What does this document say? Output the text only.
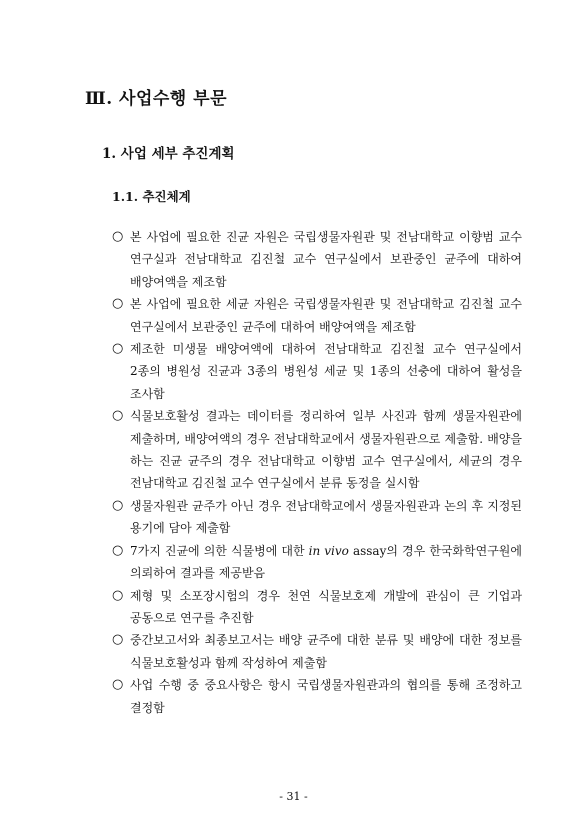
Ⅲ. 사업수행 부문
1. 사업 세부 추진계획
1.1. 추진체계
○ 본 사업에 필요한 진균 자원은 국립생물자원관 및 전남대학교 이향범 교수 연구실과 전남대학교 김진철 교수 연구실에서 보관중인 균주에 대하여 배양여액을 제조함
○ 본 사업에 필요한 세균 자원은 국립생물자원관 및 전남대학교 김진철 교수 연구실에서 보관중인 균주에 대하여 배양여액을 제조함
○ 제조한 미생물 배양여액에 대하여 전남대학교 김진철 교수 연구실에서 2종의 병원성 진균과 3종의 병원성 세균 및 1종의 선충에 대하여 활성을 조사함
○ 식물보호활성 결과는 데이터를 정리하여 일부 사진과 함께 생물자원관에 제출하며, 배양여액의 경우 전남대학교에서 생물자원관으로 제출함. 배양을 하는 진균 균주의 경우 전남대학교 이향범 교수 연구실에서, 세균의 경우 전남대학교 김진철 교수 연구실에서 분류 동정을 실시함
○ 생물자원관 균주가 아닌 경우 전남대학교에서 생물자원관과 논의 후 지정된 용기에 담아 제출함
○ 7가지 진균에 의한 식물병에 대한 in vivo assay의 경우 한국화학연구원에 의뢰하여 결과를 제공받음
○ 제형 및 소포장시험의 경우 천연 식물보호제 개발에 관심이 큰 기업과 공동으로 연구를 추진함
○ 중간보고서와 최종보고서는 배양 균주에 대한 분류 및 배양에 대한 정보를 식물보호활성과 함께 작성하여 제출함
○ 사업 수행 중 중요사항은 항시 국립생물자원관과의 협의를 통해 조정하고 결정함
- 31 -
